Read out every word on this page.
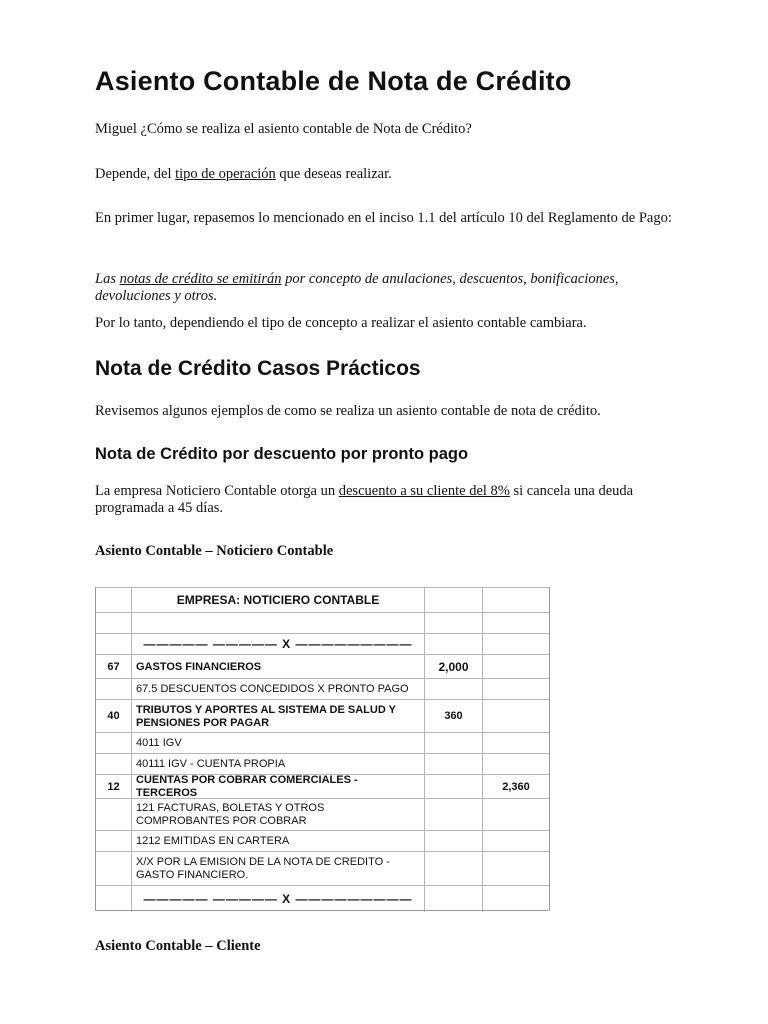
Asiento Contable de Nota de Crédito

Miguel ¿Cómo se realiza el asiento contable de Nota de Crédito?

Depende, del tipo de operación que deseas realizar.

En primer lugar, repasemos lo mencionado en el inciso 1.1 del artículo 10 del Reglamento de Pago:

Las notas de crédito se emitirán por concepto de anulaciones, descuentos, bonificaciones, devoluciones y otros.

Por lo tanto, dependiendo el tipo de concepto a realizar el asiento contable cambiara.

Nota de Crédito Casos Prácticos

Revisemos algunos ejemplos de como se realiza un asiento contable de nota de crédito.

Nota de Crédito por descuento por pronto pago

La empresa Noticiero Contable otorga un descuento a su cliente del 8% si cancela una deuda programada a 45 días.

Asiento Contable – Noticiero Contable

Asiento Contable – Cliente

EMPRESA: NOTICIERO CONTABLE
————— ————— X —————————
67	GASTOS FINANCIEROS	2,000
67.5 DESCUENTOS CONCEDIDOS X PRONTO PAGO
40
TRIBUTOS Y APORTES AL SISTEMA DE SALUD Y PENSIONES POR PAGAR
360
4011 IGV
40111 IGV - CUENTA PROPIA
12
CUENTAS POR COBRAR COMERCIALES - TERCEROS
2,360
121 FACTURAS, BOLETAS Y OTROS COMPROBANTES POR COBRAR
1212 EMITIDAS EN CARTERA
X/X POR LA EMISION DE LA NOTA DE CREDITO - GASTO FINANCIERO.
————— ————— X —————————
